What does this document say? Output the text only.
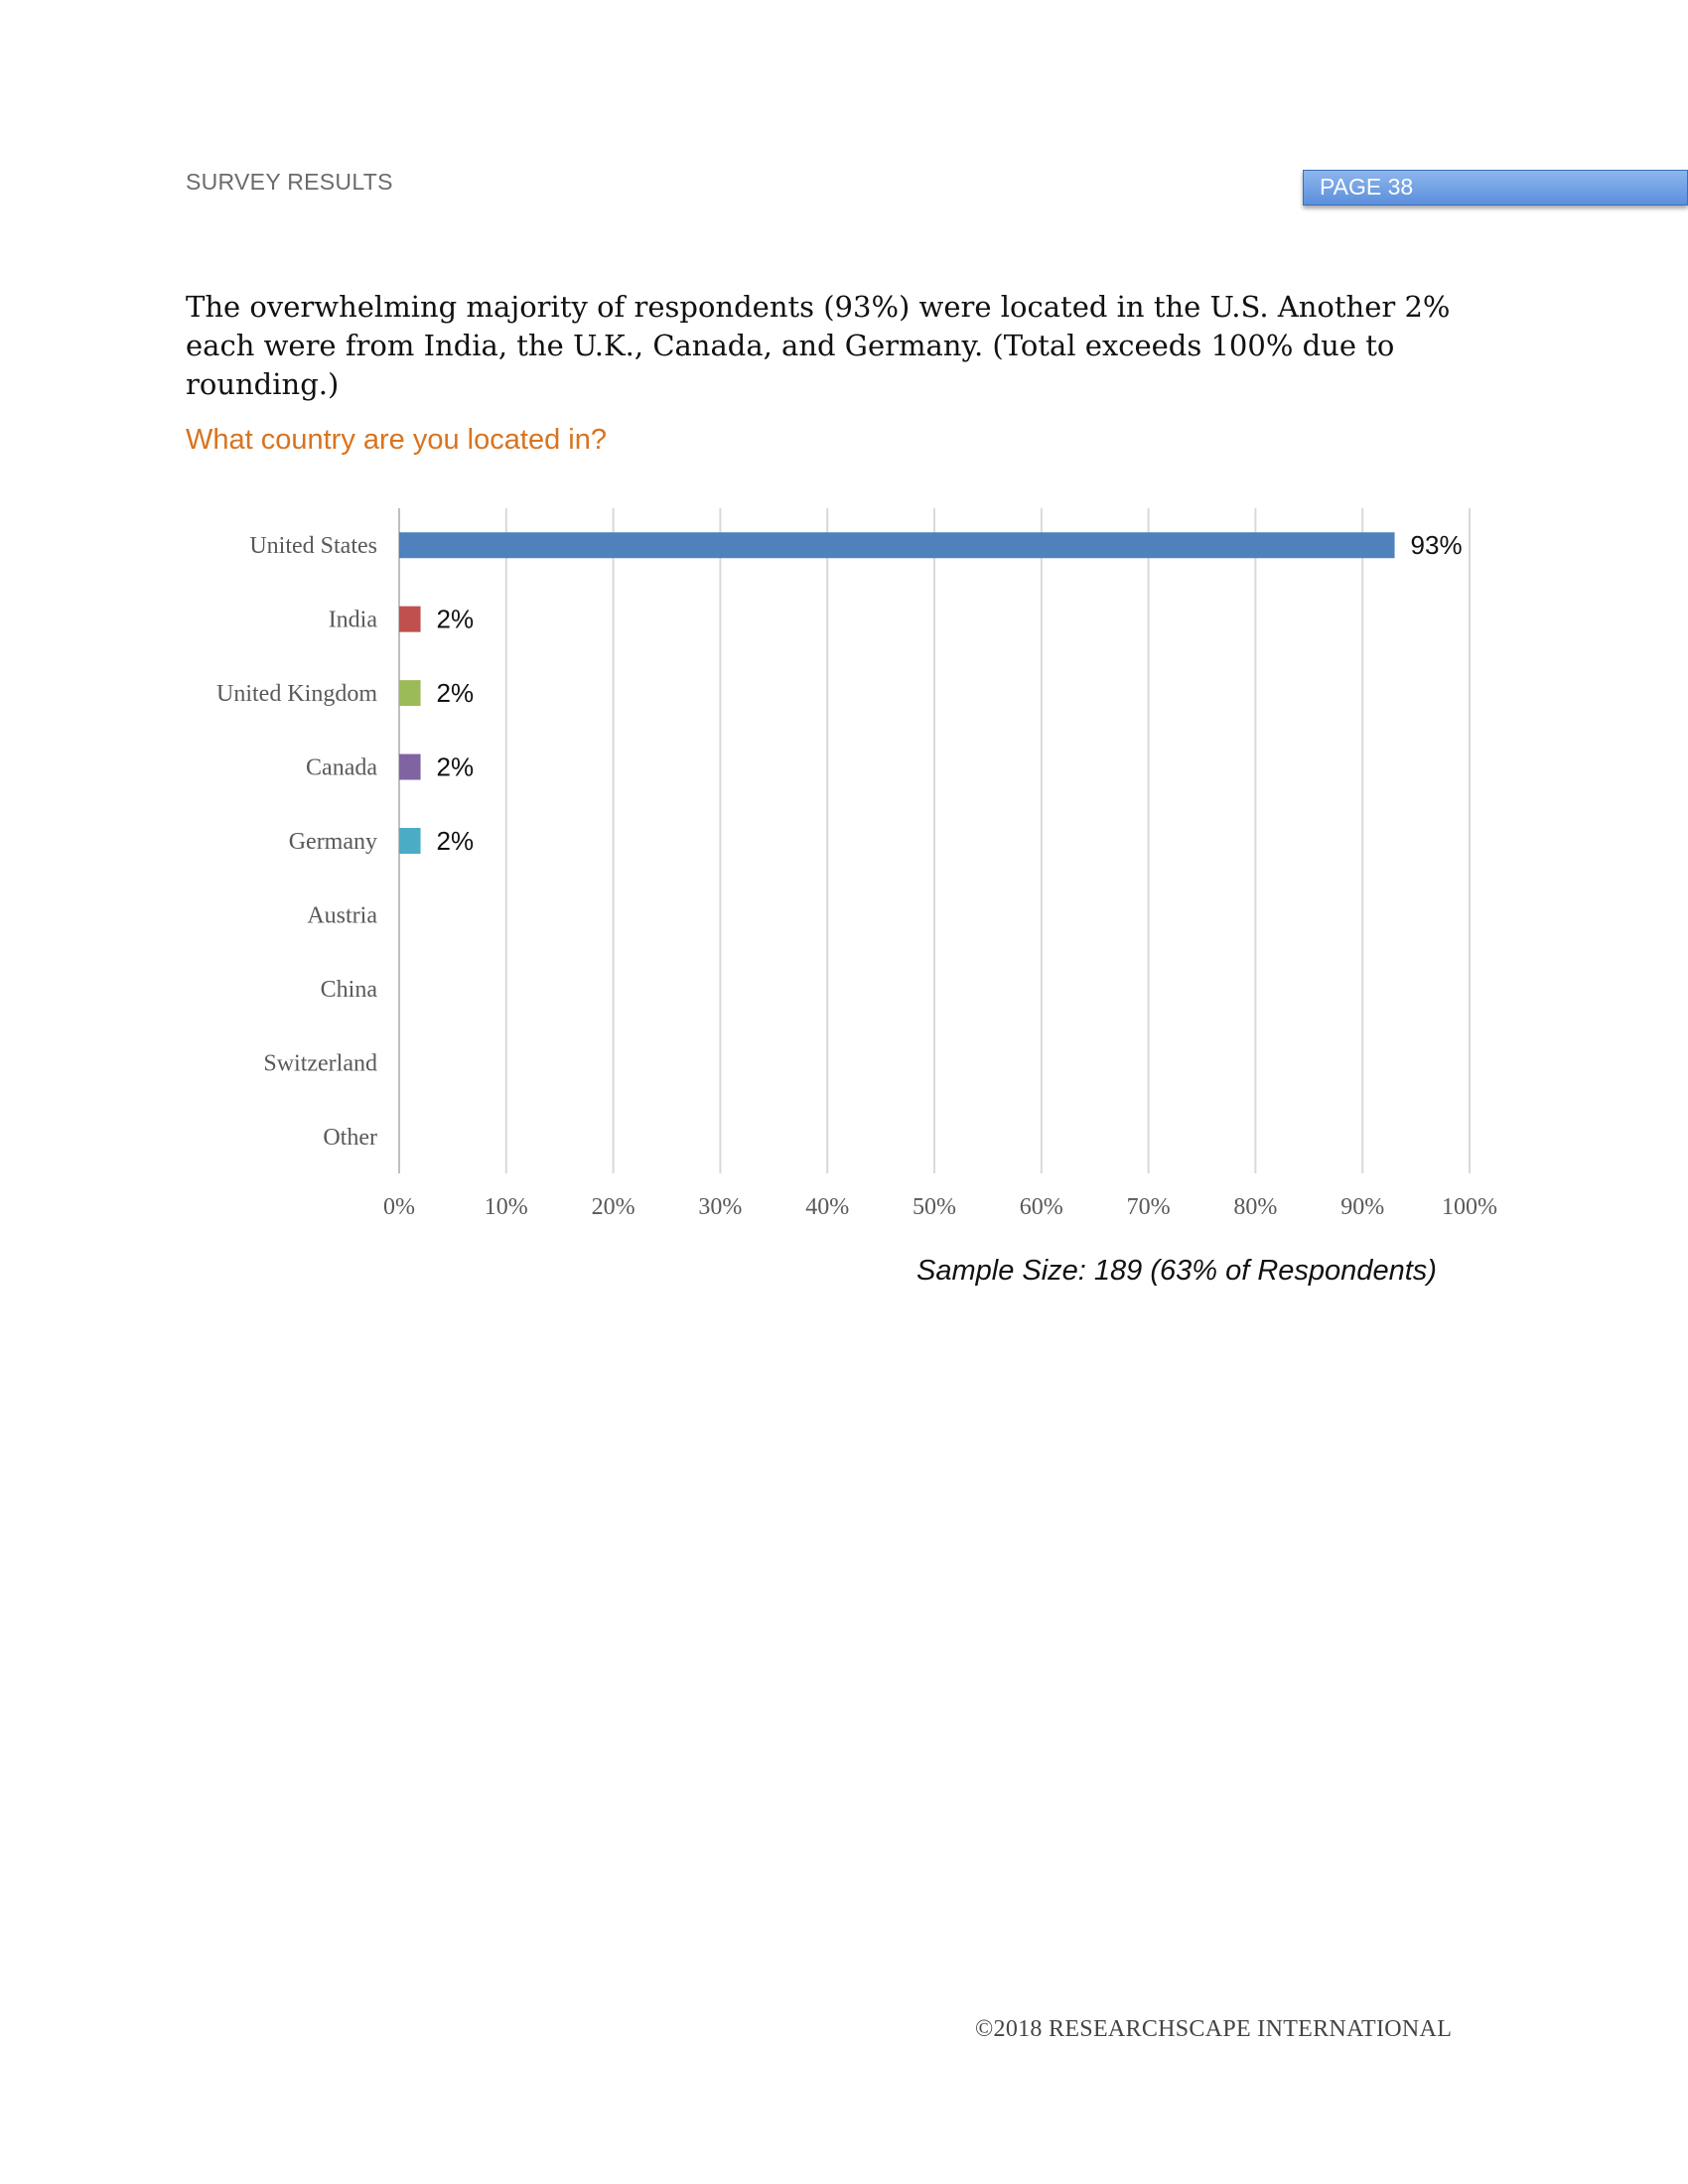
SURVEY RESULTS	PAGE 38
The overwhelming majority of respondents (93%) were located in the U.S. Another 2% each were from India, the U.K., Canada, and Germany. (Total exceeds 100% due to rounding.)
What country are you located in?
0%	10%	20%	30%	40%	50%	60%	70%	80%	90% 100%
United States	93%
India 2%
United Kingdom 2%
Canada 2%
Germany 2%
Austria
China
Switzerland
Other
Sample Size: 189 (63% of Respondents)
©2018 RESEARCHSCAPE INTERNATIONAL
